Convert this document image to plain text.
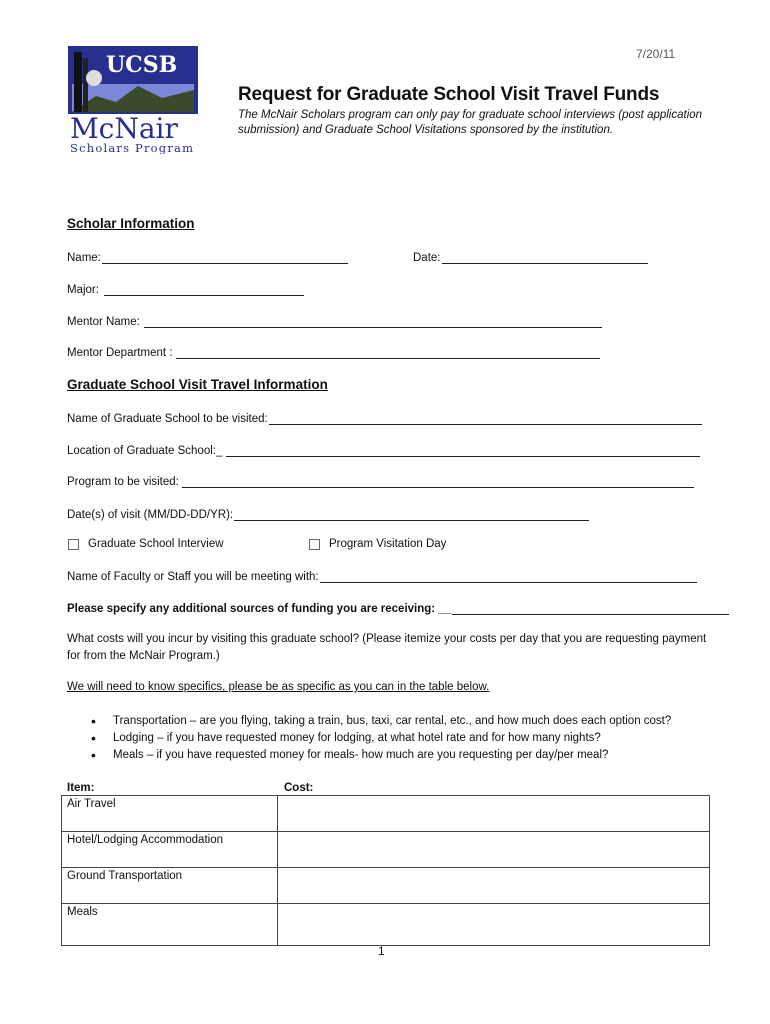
7/20/11
UCSB
McNair
Scholars Program
Request for Graduate School Visit Travel Funds
The McNair Scholars program can only pay for graduate school interviews (post application submission) and Graduate School Visitations sponsored by the institution.
Scholar Information
Name:	Date:
Major:
Mentor Name:
Mentor Department :
Graduate School Visit Travel Information
Name of Graduate School to be visited:
Location of Graduate School:_
Program to be visited:
Date(s) of visit (MM/DD-DD/YR):
Graduate School Interview	Program Visitation Day
Name of Faculty or Staff you will be meeting with:
Please specify any additional sources of funding you are receiving: __
What costs will you incur by visiting this graduate school? (Please itemize your costs per day that you are requesting payment for from the McNair Program.)
We will need to know specifics, please be as specific as you can in the table below.
• Transportation – are you flying, taking a train, bus, taxi, car rental, etc., and how much does each option cost?
• Lodging – if you have requested money for lodging, at what hotel rate and for how many nights?
• Meals – if you have requested money for meals- how much are you requesting per day/per meal?
Item:	Cost:
Air Travel	
Hotel/Lodging Accommodation	
Ground Transportation	
Meals	
1
